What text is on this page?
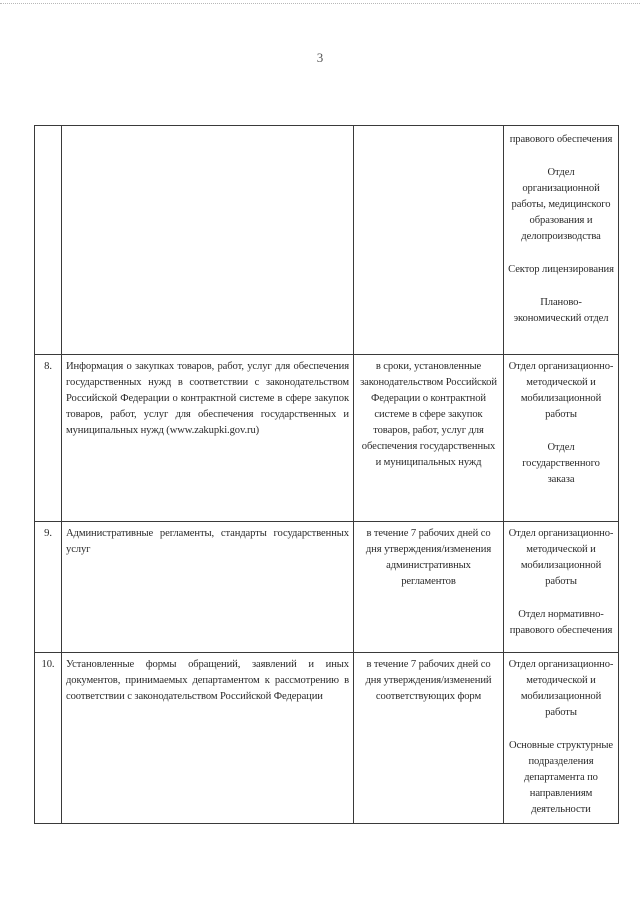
3

			правового обеспечения
Отдел организационной работы, медицинского образования и делопроизводства
Сектор лицензирования
Планово-экономический отдел

8.	Информация о закупках товаров, работ, услуг для обеспечения государственных нужд в соответствии с законодательством Российской Федерации о контрактной системе в сфере закупок товаров, работ, услуг для обеспечения государственных и муниципальных нужд (www.zakupki.gov.ru)	в сроки, установленные законодательством Российской Федерации о контрактной системе в сфере закупок товаров, работ, услуг для обеспечения государственных и муниципальных нужд	Отдел организационно-методической и мобилизационной работы
Отдел государственного заказа

9.	Административные регламенты, стандарты государственных услуг	в течение 7 рабочих дней со дня утверждения/изменения административных регламентов	Отдел организационно-методической и мобилизационной работы
Отдел нормативно-правового обеспечения

10.	Установленные формы обращений, заявлений и иных документов, принимаемых департаментом к рассмотрению в соответствии с законодательством Российской Федерации	в течение 7 рабочих дней со дня утверждения/изменений соответствующих форм	Отдел организационно-методической и мобилизационной работы
Основные структурные подразделения департамента по направлениям деятельности
